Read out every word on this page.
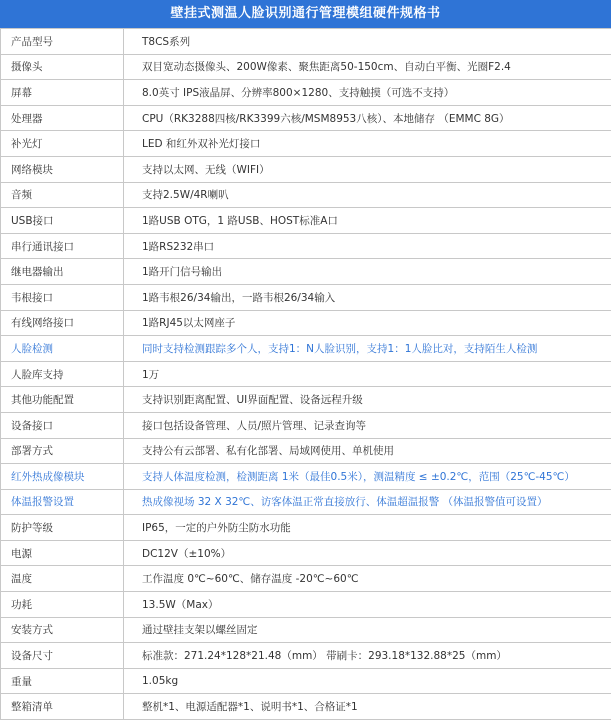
壁挂式测温人脸识别通行管理模组硬件规格书
产品型号	T8CS系列
摄像头	双目宽动态摄像头、200W像素、聚焦距离50-150cm、自动白平衡、光圈F2.4
屏幕	8.0英寸 IPS液晶屏、分辨率800×1280、支持触摸（可选不支持）
处理器	CPU（RK3288四核/RK3399六核/MSM8953八核）、本地储存 （EMMC 8G）
补光灯	LED 和红外双补光灯接口
网络模块	支持以太网、无线（WIFI）
音频	支持2.5W/4R喇叭
USB接口	1路USB OTG，1 路USB、HOST标准A口
串行通讯接口	1路RS232串口
继电器输出	1路开门信号输出
韦根接口	1路韦根26/34输出，一路韦根26/34输入
有线网络接口	1路RJ45以太网座子
人脸检测	同时支持检测跟踪多个人，支持1：N人脸识别，支持1：1人脸比对，支持陌生人检测
人脸库支持	1万
其他功能配置	支持识别距离配置、UI界面配置、设备远程升级
设备接口	接口包括设备管理、人员/照片管理、记录查询等
部署方式	支持公有云部署、私有化部署、局域网使用、单机使用
红外热成像模块	支持人体温度检测，检测距离 1米（最佳0.5米），测温精度 ≤ ±0.2℃，范围（25℃-45℃）
体温报警设置	热成像视场 32 X 32℃、访客体温正常直接放行、体温超温报警 （体温报警值可设置）
防护等级	IP65，一定的户外防尘防水功能
电源	DC12V（±10%）
温度	工作温度 0℃~60℃、储存温度 -20℃~60℃
功耗	13.5W（Max）
安装方式	通过壁挂支架以螺丝固定
设备尺寸	标准款：271.24*128*21.48（mm） 带刷卡：293.18*132.88*25（mm）
重量	1.05kg
整箱清单	整机*1、电源适配器*1、说明书*1、合格证*1
